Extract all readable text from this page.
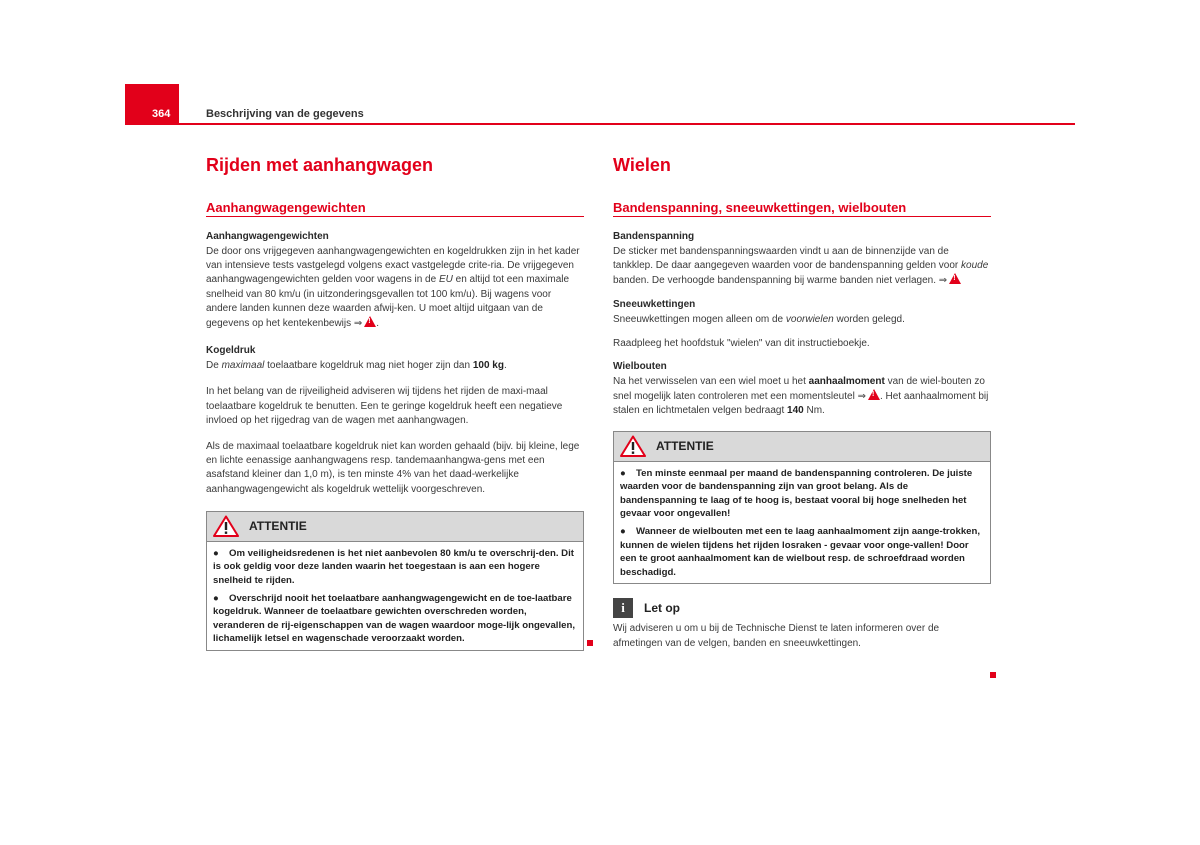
364	Beschrijving van de gegevens
Rijden met aanhangwagen
Aanhangwagengewichten
Aanhangwagengewichten

De door ons vrijgegeven aanhangwagengewichten en kogeldrukken zijn in het kader van intensieve tests vastgelegd volgens exact vastgelegde crite-ria. De vrijgegeven aanhangwagengewichten gelden voor wagens in de EU en altijd tot een maximale snelheid van 80 km/u (in uitzonderingsgevallen tot 100 km/u). Bij wagens voor andere landen kunnen deze waarden afwij-ken. U moet altijd uitgaan van de gegevens op het kentekenbewijs ⇒ ! .

Kogeldruk

De maximaal toelaatbare kogeldruk mag niet hoger zijn dan 100 kg.

In het belang van de rijveiligheid adviseren wij tijdens het rijden de maxi-maal toelaatbare kogeldruk te benutten. Een te geringe kogeldruk heeft een negatieve invloed op het rijgedrag van de wagen met aanhangwagen.

Als de maximaal toelaatbare kogeldruk niet kan worden gehaald (bijv. bij kleine, lege en lichte eenassige aanhangwagens resp. tandemaanhangwa-gens met een asafstand kleiner dan 1,0 m), is ten minste 4% van het daad-werkelijke aanhangwagengewicht als kogeldruk wettelijk voorgeschreven.

ATTENTIE

● Om veiligheidsredenen is het niet aanbevolen 80 km/u te overschrij-den. Dit is ook geldig voor deze landen waarin het toegestaan is aan een hogere snelheid te rijden.

● Overschrijd nooit het toelaatbare aanhangwagengewicht en de toe-laatbare kogeldruk. Wanneer de toelaatbare gewichten overschreden worden, veranderen de rij-eigenschappen van de wagen waardoor moge-lijk ongevallen, lichamelijk letsel en wagenschade veroorzaakt worden.

Wielen
Bandenspanning, sneeuwkettingen, wielbouten
Bandenspanning

De sticker met bandenspanningswaarden vindt u aan de binnenzijde van de tankklep. De daar aangegeven waarden voor de bandenspanning gelden voor koude banden. De verhoogde bandenspanning bij warme banden niet verlagen. ⇒!

Sneeuwkettingen

Sneeuwkettingen mogen alleen om de voorwielen worden gelegd.

Raadpleeg het hoofdstuk "wielen" van dit instructieboekje.

Wielbouten

Na het verwisselen van een wiel moet u het aanhaalmoment van de wiel-bouten zo snel mogelijk laten controleren met een momentsleutel ⇒ ! . Het aanhaalmoment bij stalen en lichtmetalen velgen bedraagt 140 Nm.

ATTENTIE

● Ten minste eenmaal per maand de bandenspanning controleren. De juiste waarden voor de bandenspanning zijn van groot belang. Als de bandenspanning te laag of te hoog is, bestaat vooral bij hoge snelheden het gevaar voor ongevallen!

● Wanneer de wielbouten met een te laag aanhaalmoment zijn aange-trokken, kunnen de wielen tijdens het rijden losraken - gevaar voor onge-vallen! Door een te groot aanhaalmoment kan de wielbout resp. de schroefdraad worden beschadigd.

i	Let op

Wij adviseren u om u bij de Technische Dienst te laten informeren over de afmetingen van de velgen, banden en sneeuwkettingen.
